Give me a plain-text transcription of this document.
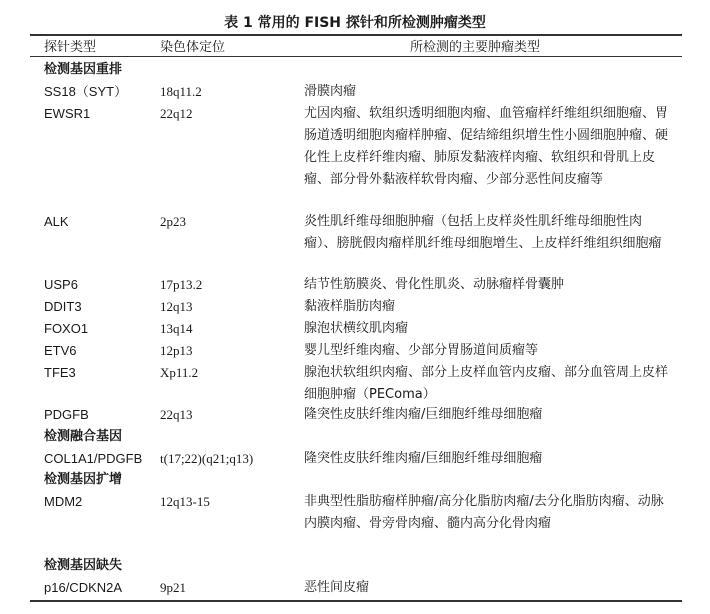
表 1 常用的 FISH 探针和所检测肿瘤类型
探针类型	染色体定位	所检测的主要肿瘤类型
检测基因重排
SS18（SYT）	18q11.2	滑膜肉瘤
EWSR1	22q12	尤因肉瘤、软组织透明细胞肉瘤、血管瘤样纤维组织细胞瘤、胃肠道透明细胞肉瘤样肿瘤、促结缔组织增生性小圆细胞肿瘤、硬化性上皮样纤维肉瘤、肺原发黏液样肉瘤、软组织和骨肌上皮瘤、部分骨外黏液样软骨肉瘤、少部分恶性间皮瘤等
ALK	2p23	炎性肌纤维母细胞肿瘤（包括上皮样炎性肌纤维母细胞性肉瘤）、膀胱假肉瘤样肌纤维母细胞增生、上皮样纤维组织细胞瘤
USP6	17p13.2	结节性筋膜炎、骨化性肌炎、动脉瘤样骨囊肿
DDIT3	12q13	黏液样脂肪肉瘤
FOXO1	13q14	腺泡状横纹肌肉瘤
ETV6	12p13	婴儿型纤维肉瘤、少部分胃肠道间质瘤等
TFE3	Xp11.2	腺泡状软组织肉瘤、部分上皮样血管内皮瘤、部分血管周上皮样细胞肿瘤（PEComa）
PDGFB	22q13	隆突性皮肤纤维肉瘤/巨细胞纤维母细胞瘤
检测融合基因
COL1A1/PDGFB t(17;22)(q21;q13)	隆突性皮肤纤维肉瘤/巨细胞纤维母细胞瘤
检测基因扩增
MDM2	12q13-15	非典型性脂肪瘤样肿瘤/高分化脂肪肉瘤/去分化脂肪肉瘤、动脉内膜肉瘤、骨旁骨肉瘤、髓内高分化骨肉瘤
检测基因缺失
p16/CDKN2A	9p21	恶性间皮瘤
